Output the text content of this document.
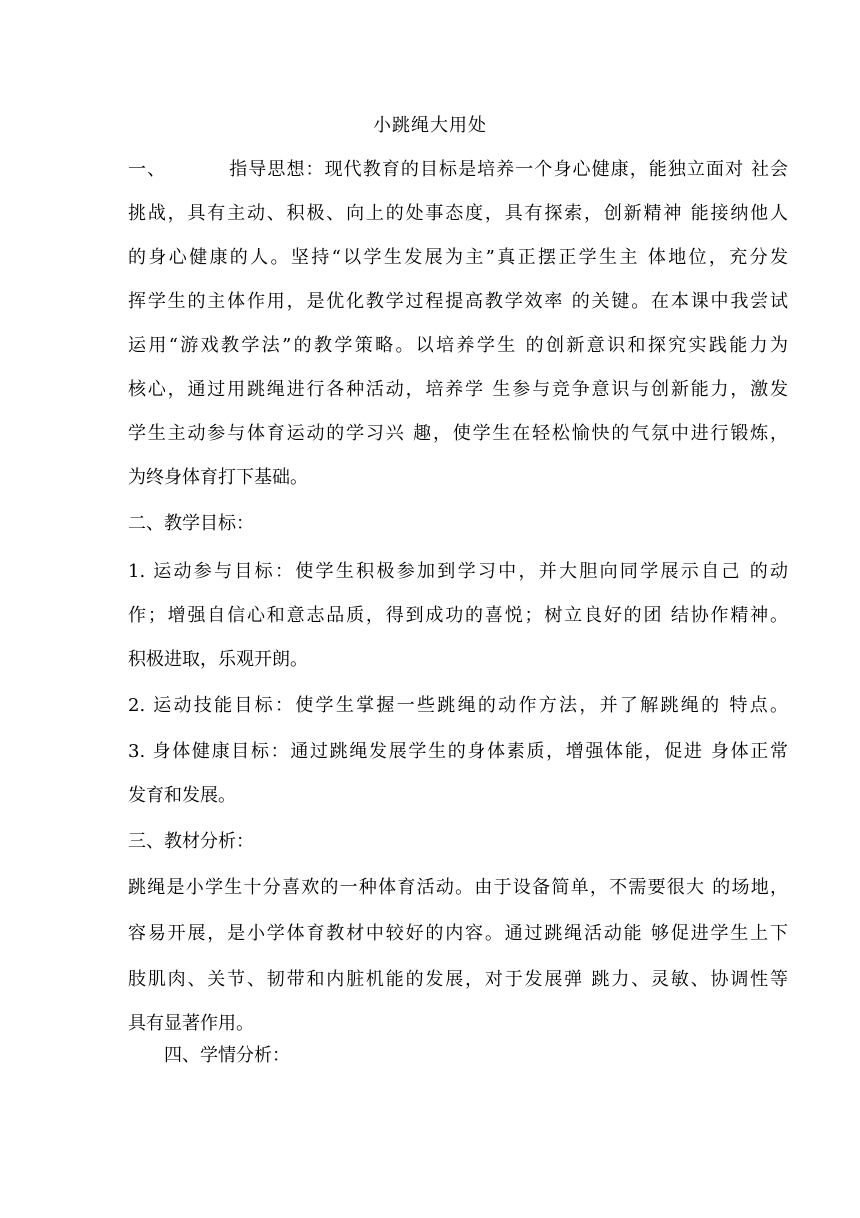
小跳绳大用处
一、	指导思想：现代教育的目标是培养一个身心健康，能独立面对 社会
挑战，具有主动、积极、向上的处事态度，具有探索，创新精神 能接纳他人
的身心健康的人。坚持“以学生发展为主”真正摆正学生主 体地位，充分发
挥学生的主体作用，是优化教学过程提高教学效率 的关键。在本课中我尝试
运用“游戏教学法”的教学策略。以培养学生 的创新意识和探究实践能力为
核心，通过用跳绳进行各种活动，培养学 生参与竞争意识与创新能力，激发
学生主动参与体育运动的学习兴 趣，使学生在轻松愉快的气氛中进行锻炼，
为终身体育打下基础。
二、教学目标：
1. 运动参与目标：使学生积极参加到学习中，并大胆向同学展示自己 的动
作；增强自信心和意志品质，得到成功的喜悦；树立良好的团 结协作精神。
积极进取，乐观开朗。
2. 运动技能目标：使学生掌握一些跳绳的动作方法，并了解跳绳的 特点。
3. 身体健康目标：通过跳绳发展学生的身体素质，增强体能，促进 身体正常
发育和发展。
三、教材分析：
跳绳是小学生十分喜欢的一种体育活动。由于设备简单，不需要很大 的场地，
容易开展，是小学体育教材中较好的内容。通过跳绳活动能 够促进学生上下
肢肌肉、关节、韧带和内脏机能的发展，对于发展弹 跳力、灵敏、协调性等
具有显著作用。
四、学情分析：
